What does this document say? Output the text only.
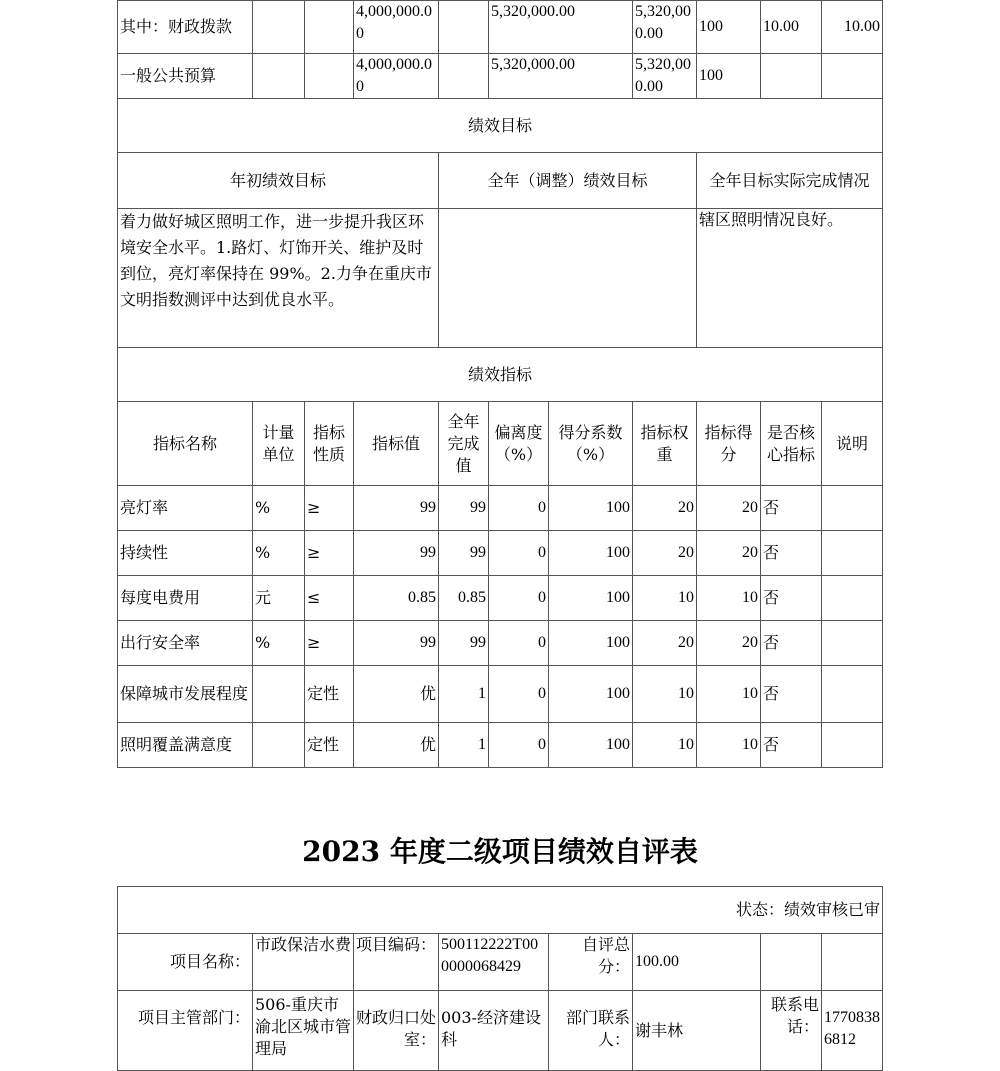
其中：财政拨款			4,000,000.00		5,320,000.00		5,320,000.00	100	10.00	10.00
一般公共预算			4,000,000.00		5,320,000.00		5,320,000.00	100		
绩效目标										
年初绩效目标				全年（调整）绩效目标				全年目标实际完成情况		
着力做好城区照明工作，进一步提升我区环境安全水平。1.路灯、灯饰开关、维护及时到位，亮灯率保持在 99%。2.力争在重庆市文明指数测评中达到优良水平。								辖区照明情况良好。		
绩效指标										
指标名称	计量单位	指标性质	指标值	全年完成值	偏离度（%）	得分系数（%）	指标权重	指标得分	是否核心指标	说明
亮灯率	%	≥	99	99	0	100	20	20	否	
持续性	%	≥	99	99	0	100	20	20	否	
每度电费用	元	≤	0.85	0.85	0	100	10	10	否	
出行安全率	%	≥	99	99	0	100	20	20	否	
保障城市发展程度		定性	优	1	0	100	10	10	否	
照明覆盖满意度		定性	优	1	0	100	10	10	否	
2023 年度二级项目绩效自评表
状态：绩效审核已审							
项目名称：	市政保洁水费	项目编码：	500112222T000000068429	自评总分：	100.00		
项目主管部门：	506-重庆市渝北区城市管理局	财政归口处室：	003-经济建设科	部门联系人：	谢丰林	联系电话：	17708386812
